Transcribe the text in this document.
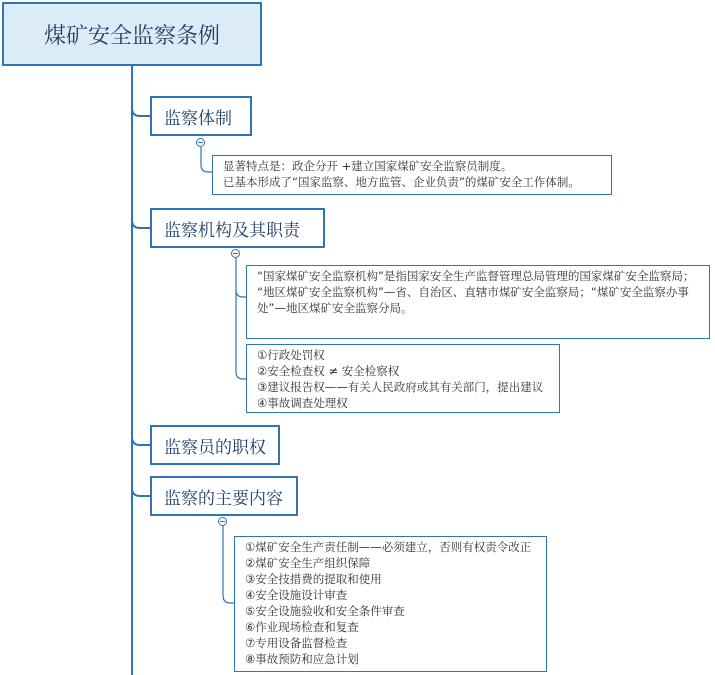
煤矿安全监察条例
监察体制
显著特点是：政企分开 +建立国家煤矿安全监察员制度。
已基本形成了“国家监察、地方监管、企业负责”的煤矿安全工作体制。
监察机构及其职责
“国家煤矿安全监察机构”是指国家安全生产监督管理总局管理的国家煤矿安全监察局；
“地区煤矿安全监察机构”—省、自治区、直辖市煤矿安全监察局；“煤矿安全监察办事处”—地区煤矿安全监察分局。
①行政处罚权
②安全检查权 ≠ 安全检察权
③建议报告权——有关人民政府或其有关部门，提出建议
④事故调查处理权
监察员的职权
监察的主要内容
①煤矿安全生产责任制——必须建立，否则有权责令改正
②煤矿安全生产组织保障
③安全技措费的提取和使用
④安全设施设计审查
⑤安全设施验收和安全条件审查
⑥作业现场检查和复查
⑦专用设备监督检查
⑧事故预防和应急计划
